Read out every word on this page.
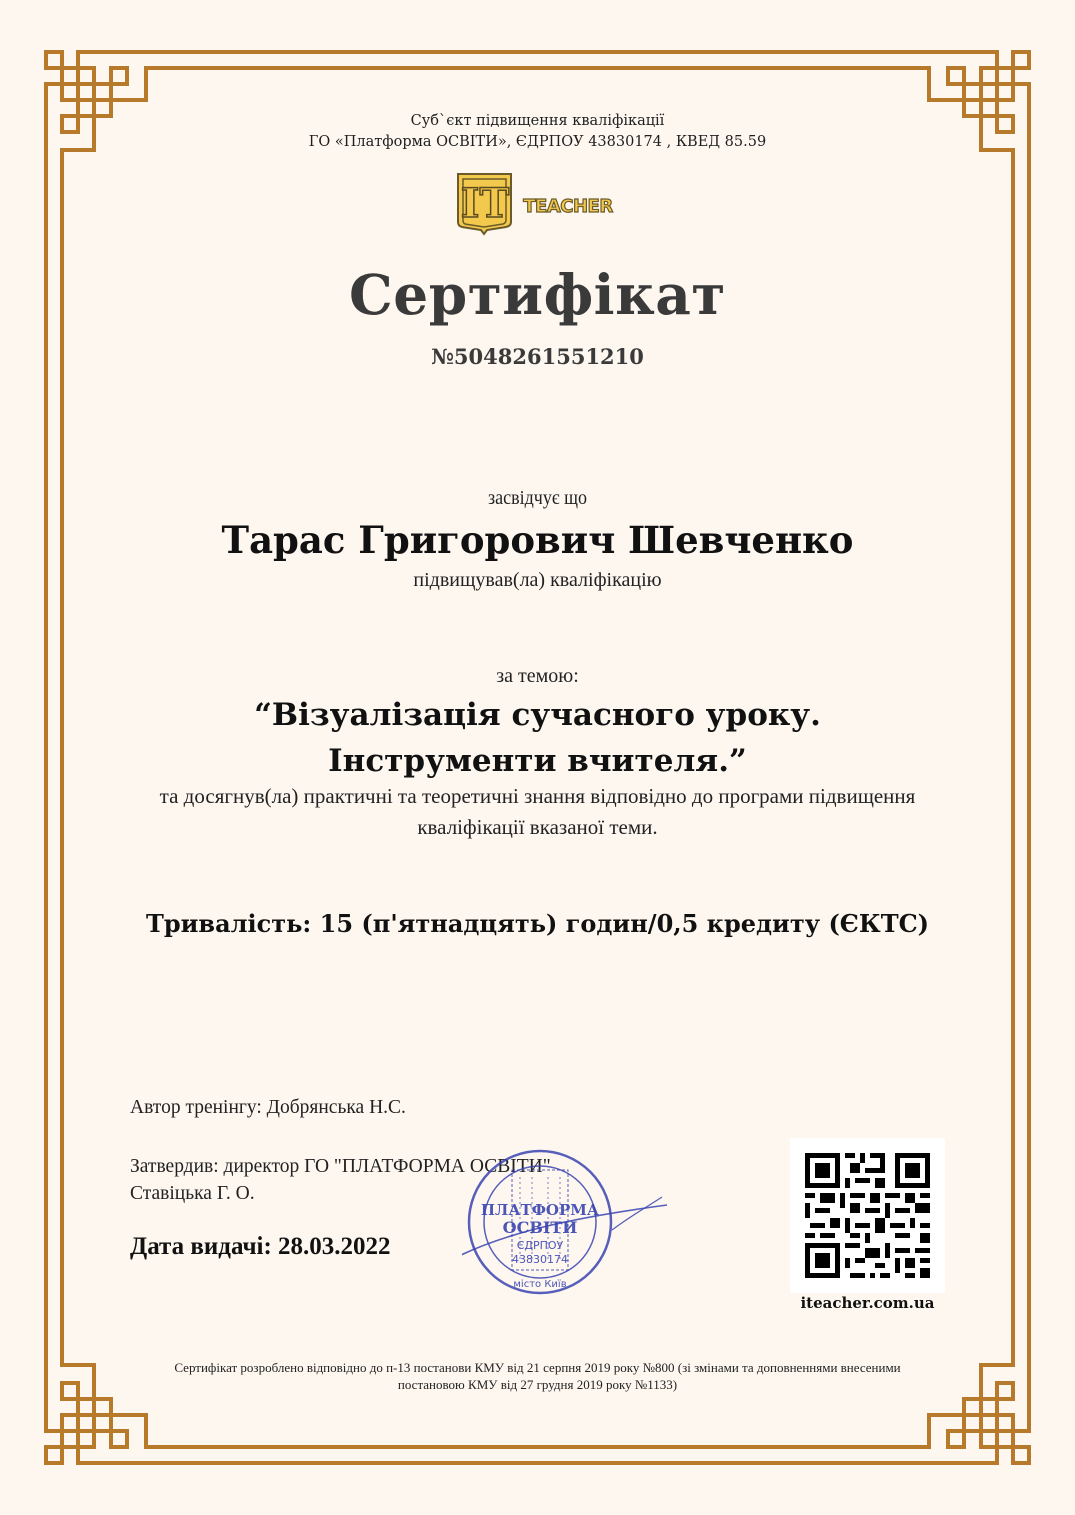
Суб`єкт підвищення кваліфікації
ГО «Платформа ОСВІТИ», ЄДРПОУ 43830174 , КВЕД 85.59
IT TEACHER
Сертифікат
№5048261551210
засвідчує що
Тарас Григорович Шевченко
підвищував(ла) кваліфікацію
за темою:
“Візуалізація сучасного уроку. Інструменти вчителя.”
та досягнув(ла) практичні та теоретичні знання відповідно до програми підвищення кваліфікації вказаної теми.
Тривалість: 15 (п'ятнадцять) годин/0,5 кредиту (ЄКТС)
Автор тренінгу: Добрянська Н.С.
Затвердив: директор ГО "ПЛАТФОРМА ОСВІТИ"
Ставіцька Г. О.
Дата видачі: 28.03.2022
ПЛАТФОРМА
ОСВІТИ
ЄДРПОУ
43830174
місто Київ
iteacher.com.ua
Сертифікат розроблено відповідно до п-13 постанови КМУ від 21 серпня 2019 року №800 (зі змінами та доповненнями внесеними постановою КМУ від 27 грудня 2019 року №1133)
